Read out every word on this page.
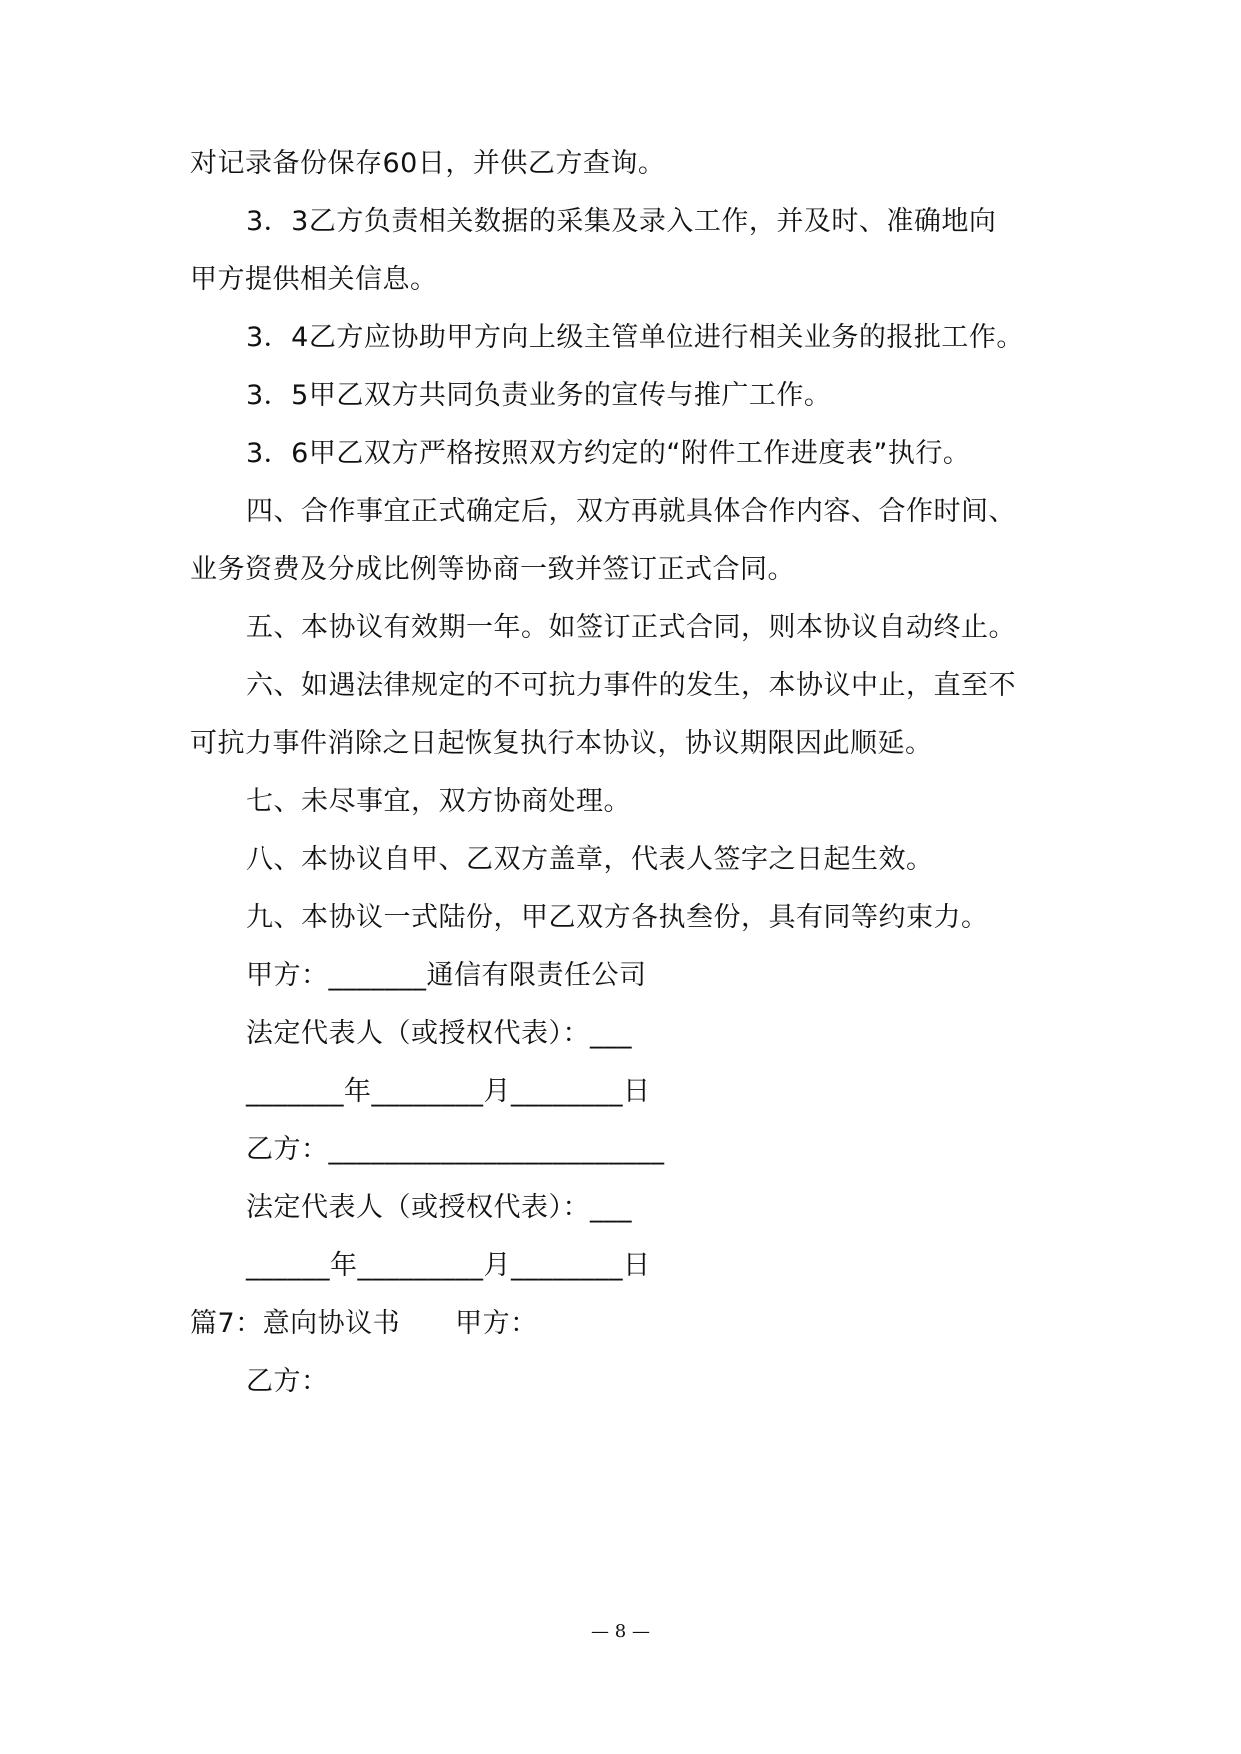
对记录备份保存60日，并供乙方查询。
3．3乙方负责相关数据的采集及录入工作，并及时、准确地向
甲方提供相关信息。
3．4乙方应协助甲方向上级主管单位进行相关业务的报批工作。
3．5甲乙双方共同负责业务的宣传与推广工作。
3．6甲乙双方严格按照双方约定的“附件工作进度表”执行。
四、合作事宜正式确定后，双方再就具体合作内容、合作时间、
业务资费及分成比例等协商一致并签订正式合同。
五、本协议有效期一年。如签订正式合同，则本协议自动终止。
六、如遇法律规定的不可抗力事件的发生，本协议中止，直至不
可抗力事件消除之日起恢复执行本协议，协议期限因此顺延。
七、未尽事宜，双方协商处理。
八、本协议自甲、乙双方盖章，代表人签字之日起生效。
九、本协议一式陆份，甲乙双方各执叁份，具有同等约束力。
甲方：_______通信有限责任公司
法定代表人（或授权代表）：___
_______年________月________日
乙方：________________________
法定代表人（或授权代表）：___
______年_________月________日
篇7：意向协议书　　甲方：
乙方：
— 8 —
